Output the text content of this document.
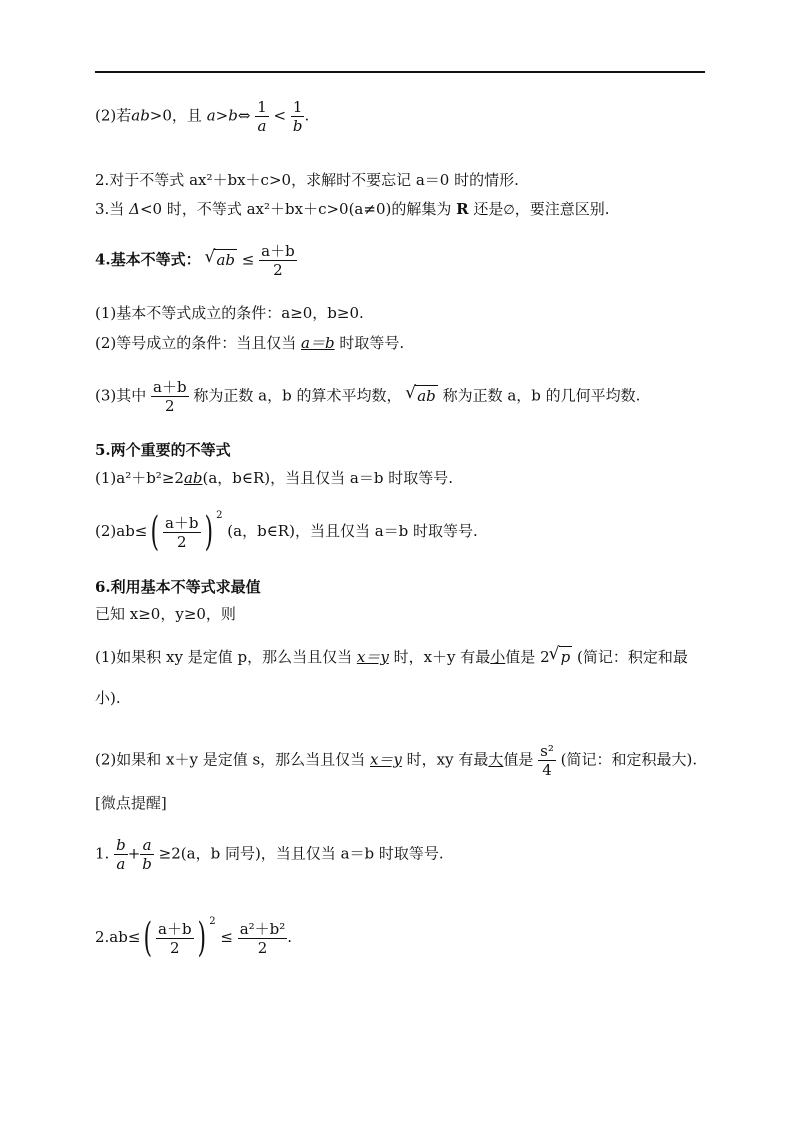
(2)若ab>0，且 a>b⇔ $\frac{1}{a} < \frac{1}{b}$ .
2.对于不等式 ax²＋bx＋c>0，求解时不要忘记 a＝0 时的情形.
3.当 Δ<0 时，不等式 ax²＋bx＋c>0(a≠0)的解集为 R 还是∅，要注意区别.
4.基本不等式： √ ab ≤ $\frac{a+b}{2}$
(1)基本不等式成立的条件：a≥0，b≥0.
(2)等号成立的条件：当且仅当 a＝b 时取等号.
(3)其中 $\frac{a+b}{2}$ 称为正数 a，b 的算术平均数， √ ab 称为正数 a，b 的几何平均数.
5.两个重要的不等式
(1)a²＋b²≥2ab(a，b∈R)，当且仅当 a＝b 时取等号.
$(2)ab\le( \frac{a+b}{2}$ ) $^2$ (a，b∈R)，当且仅当 a＝b 时取等号.
6.利用基本不等式求最值
已知 x≥0，y≥0，则
(1)如果积 xy 是定值 p，那么当且仅当 x＝y 时，x＋y 有最小值是 2 √ p (简记：积定和最
小).
(2)如果和 x＋y 是定值 s，那么当且仅当 x＝y 时，xy 有最大值是 $\frac{\text{s²}}{4}$ (简记：和定积最大).
[微点提醒]
1. $\frac{b}{a} + \frac{a}{b} \ge 2(a$，b 同号)，当且仅当 a＝b 时取等号.
$2.ab\le( \frac{a+b}{2}$ ) $^2 \le \frac{\text{a²＋b²}}{2}$ .
